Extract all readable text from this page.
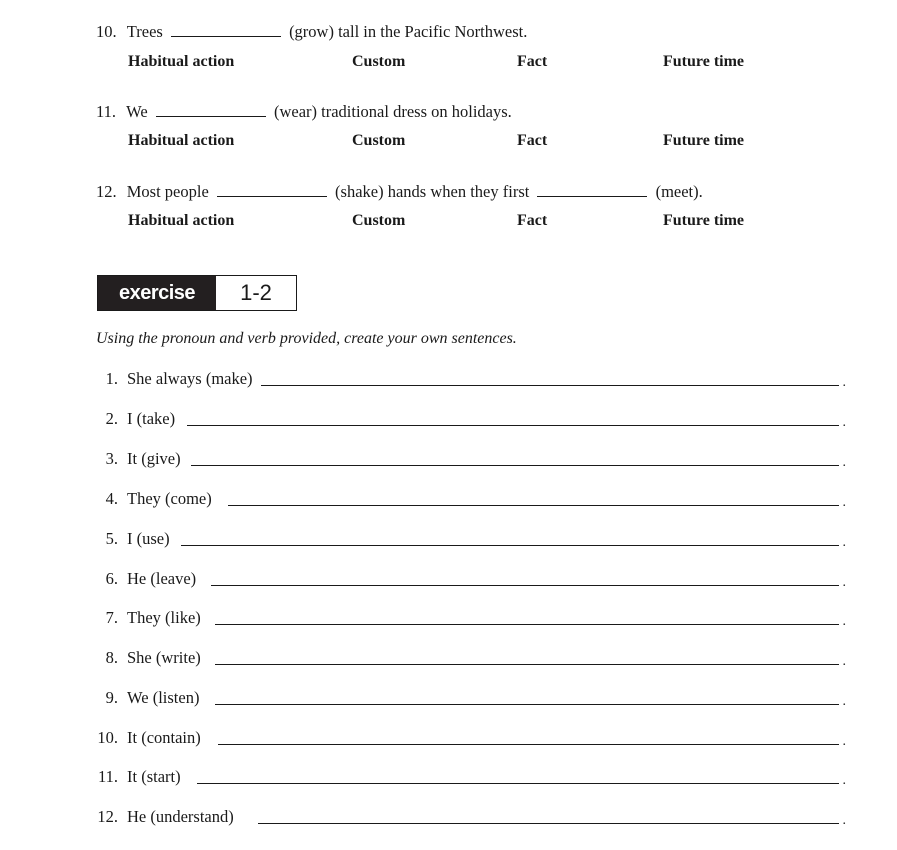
10. Trees	(grow) tall in the Pacific Northwest.
Habitual action	Custom	Fact	Future time
11. We	(wear) traditional dress on holidays.
Habitual action	Custom	Fact	Future time
12. Most people	(shake) hands when they first	(meet).
Habitual action	Custom	Fact	Future time
exercise	1-2
Using the pronoun and verb provided, create your own sentences.
1. She always (make)	.
2. I (take)	.
3. It (give)	.
4. They (come)	.
5. I (use)	.
6. He (leave)	.
7. They (like)	.
8. She (write)	.
9. We (listen)	.
10. It (contain)	.
11. It (start)	.
12. He (understand)	.
